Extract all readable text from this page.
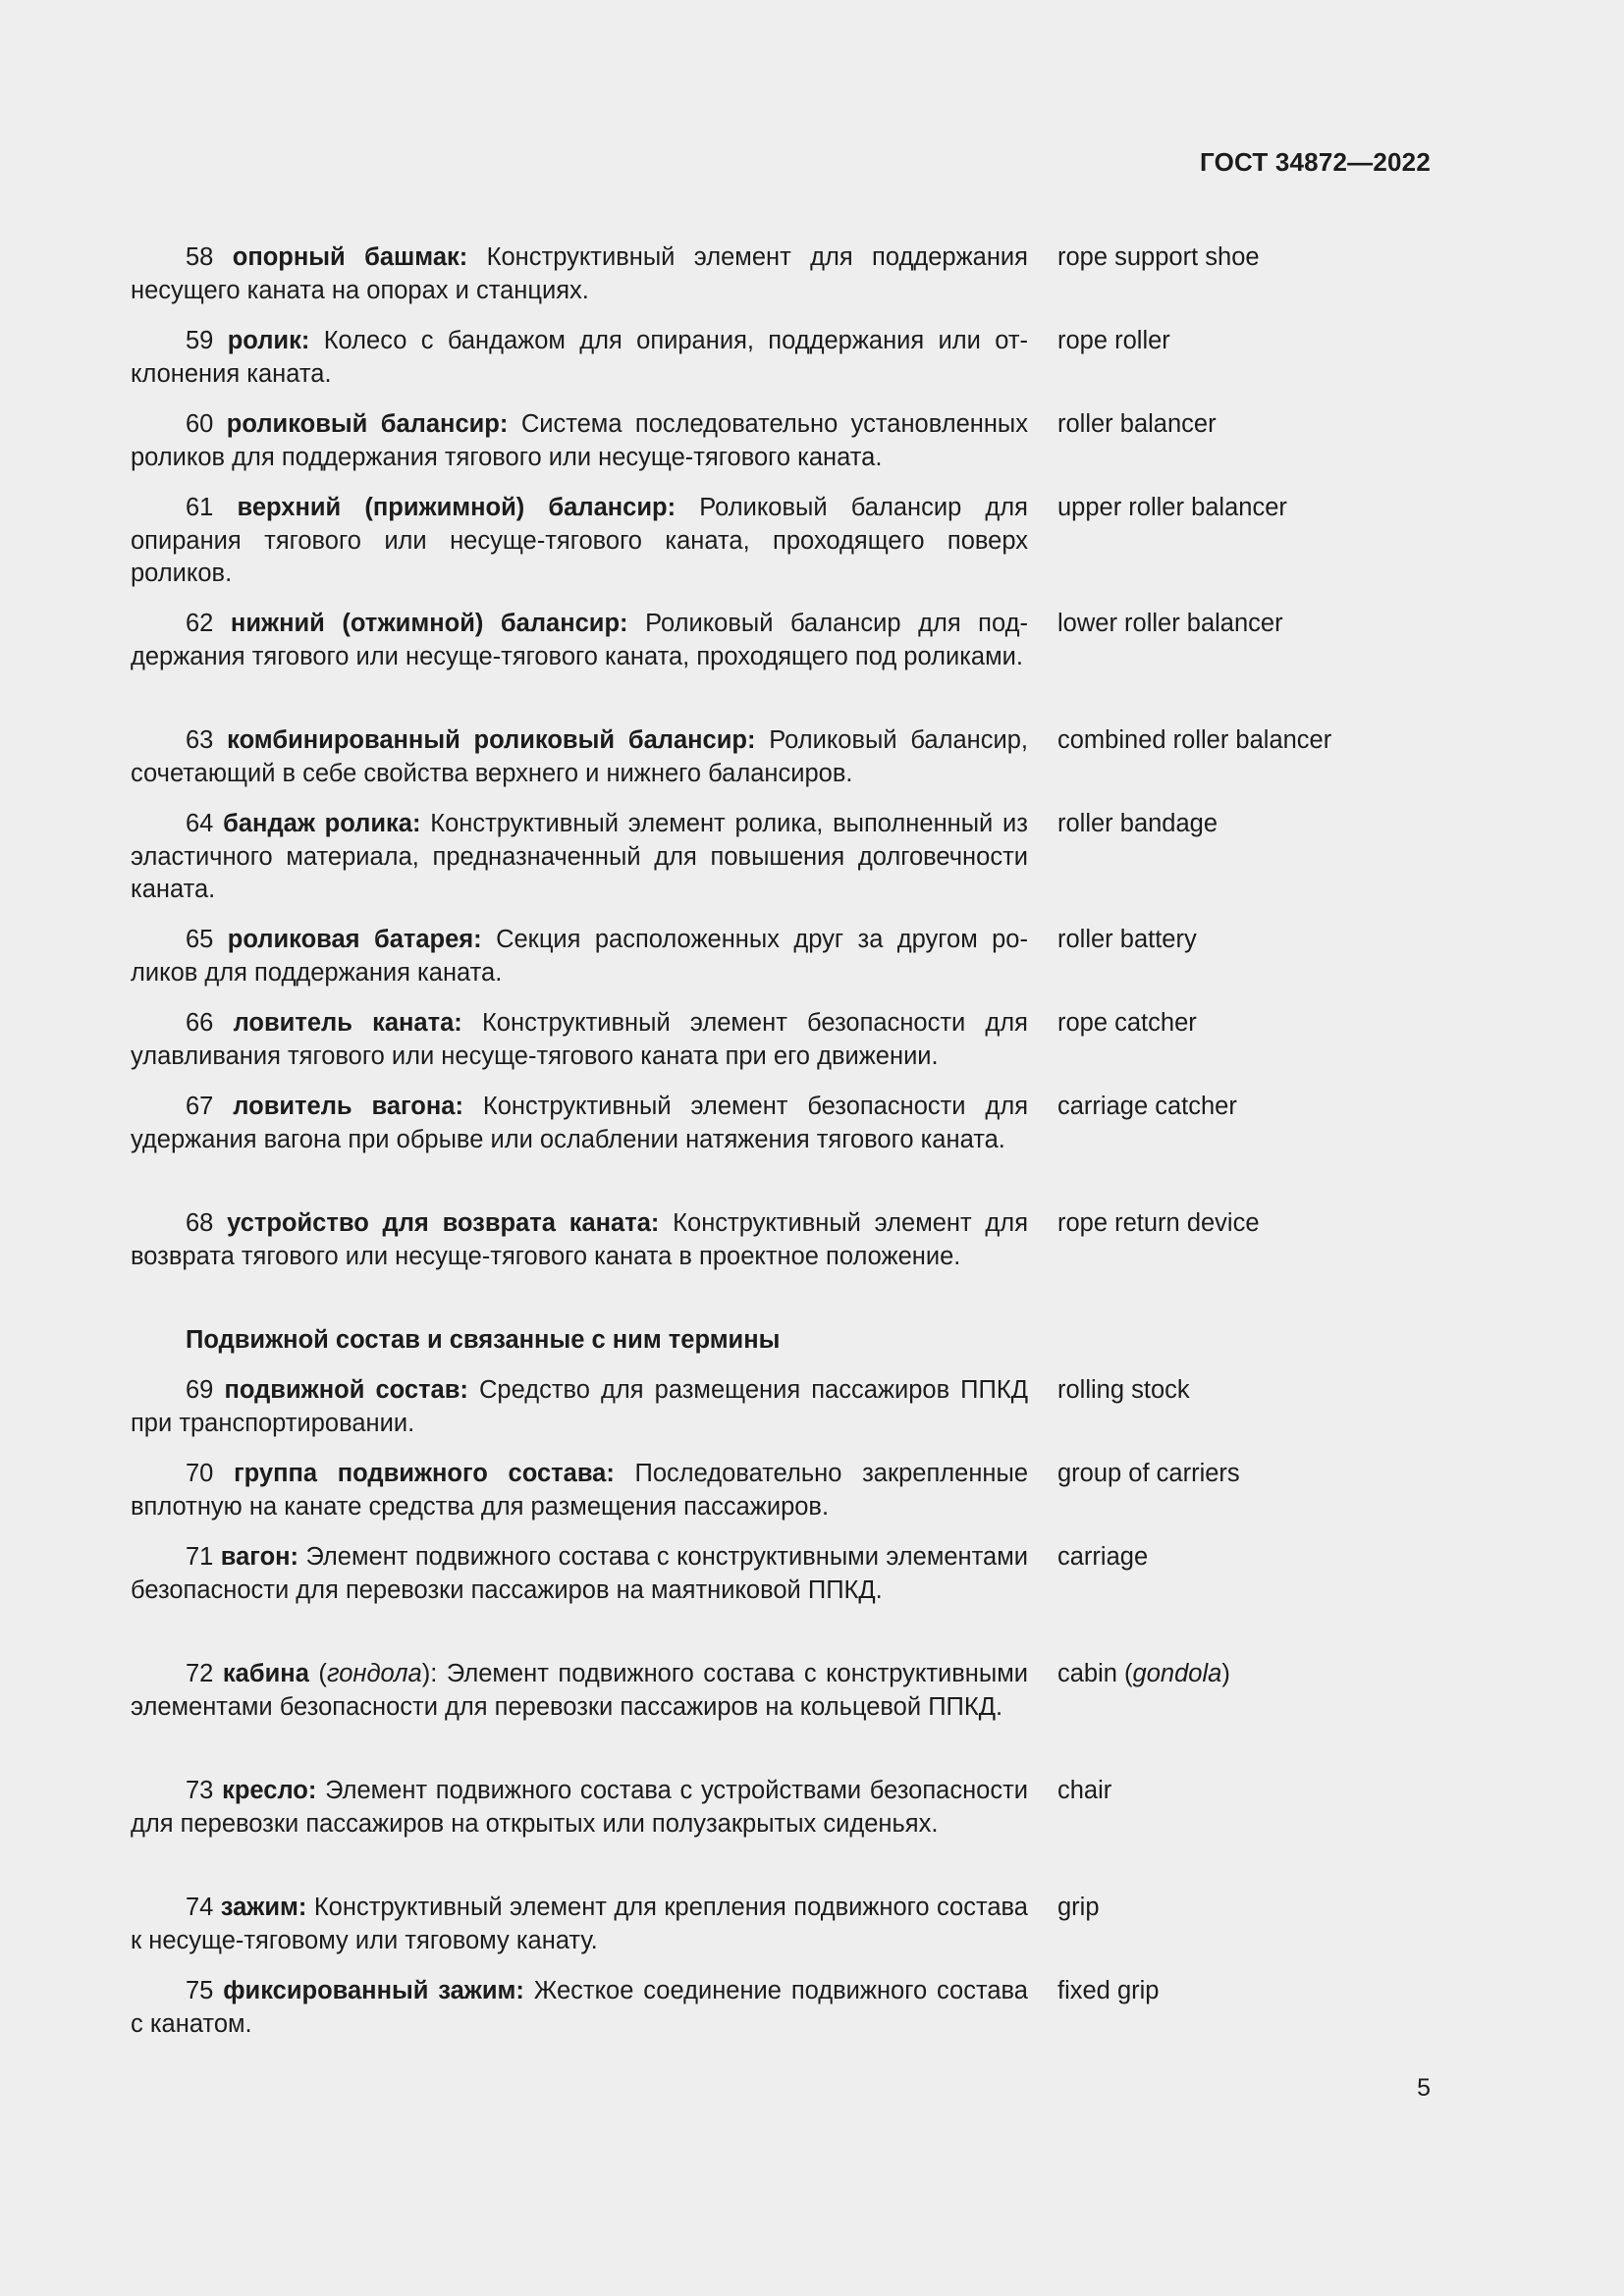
ГОСТ 34872—2022
58 опорный башмак: Конструктивный элемент для поддержания несущего каната на опорах и станциях.
rope support shoe
59 ролик: Колесо с бандажом для опирания, поддержания или отклонения каната.
rope roller
60 роликовый балансир: Система последовательно установленных роликов для поддержания тягового или несуще-тягового каната.
roller balancer
61 верхний (прижимной) балансир: Роликовый балансир для опирания тягового или несуще-тягового каната, проходящего поверх роликов.
upper roller balancer
62 нижний (отжимной) балансир: Роликовый балансир для поддержания тягового или несуще-тягового каната, проходящего под роликами.
lower roller balancer
63 комбинированный роликовый балансир: Роликовый балансир, сочетающий в себе свойства верхнего и нижнего балансиров.
combined roller balancer
64 бандаж ролика: Конструктивный элемент ролика, выполненный из эластичного материала, предназначенный для повышения долговечности каната.
roller bandage
65 роликовая батарея: Секция расположенных друг за другом роликов для поддержания каната.
roller battery
66 ловитель каната: Конструктивный элемент безопасности для улавливания тягового или несуще-тягового каната при его движении.
rope catcher
67 ловитель вагона: Конструктивный элемент безопасности для удержания вагона при обрыве или ослаблении натяжения тягового каната.
carriage catcher
68 устройство для возврата каната: Конструктивный элемент для возврата тягового или несуще-тягового каната в проектное положение.
rope return device
Подвижной состав и связанные с ним термины
69 подвижной состав: Средство для размещения пассажиров ППКД при транспортировании.
rolling stock
70 группа подвижного состава: Последовательно закрепленные вплотную на канате средства для размещения пассажиров.
group of carriers
71 вагон: Элемент подвижного состава с конструктивными элементами безопасности для перевозки пассажиров на маятниковой ППКД.
carriage
72 кабина (гондола): Элемент подвижного состава с конструктивными элементами безопасности для перевозки пассажиров на кольцевой ППКД.
cabin (gondola)
73 кресло: Элемент подвижного состава с устройствами безопасности для перевозки пассажиров на открытых или полузакрытых сиденьях.
chair
74 зажим: Конструктивный элемент для крепления подвижного состава к несуще-тяговому или тяговому канату.
grip
75 фиксированный зажим: Жесткое соединение подвижного состава с канатом.
fixed grip
5
